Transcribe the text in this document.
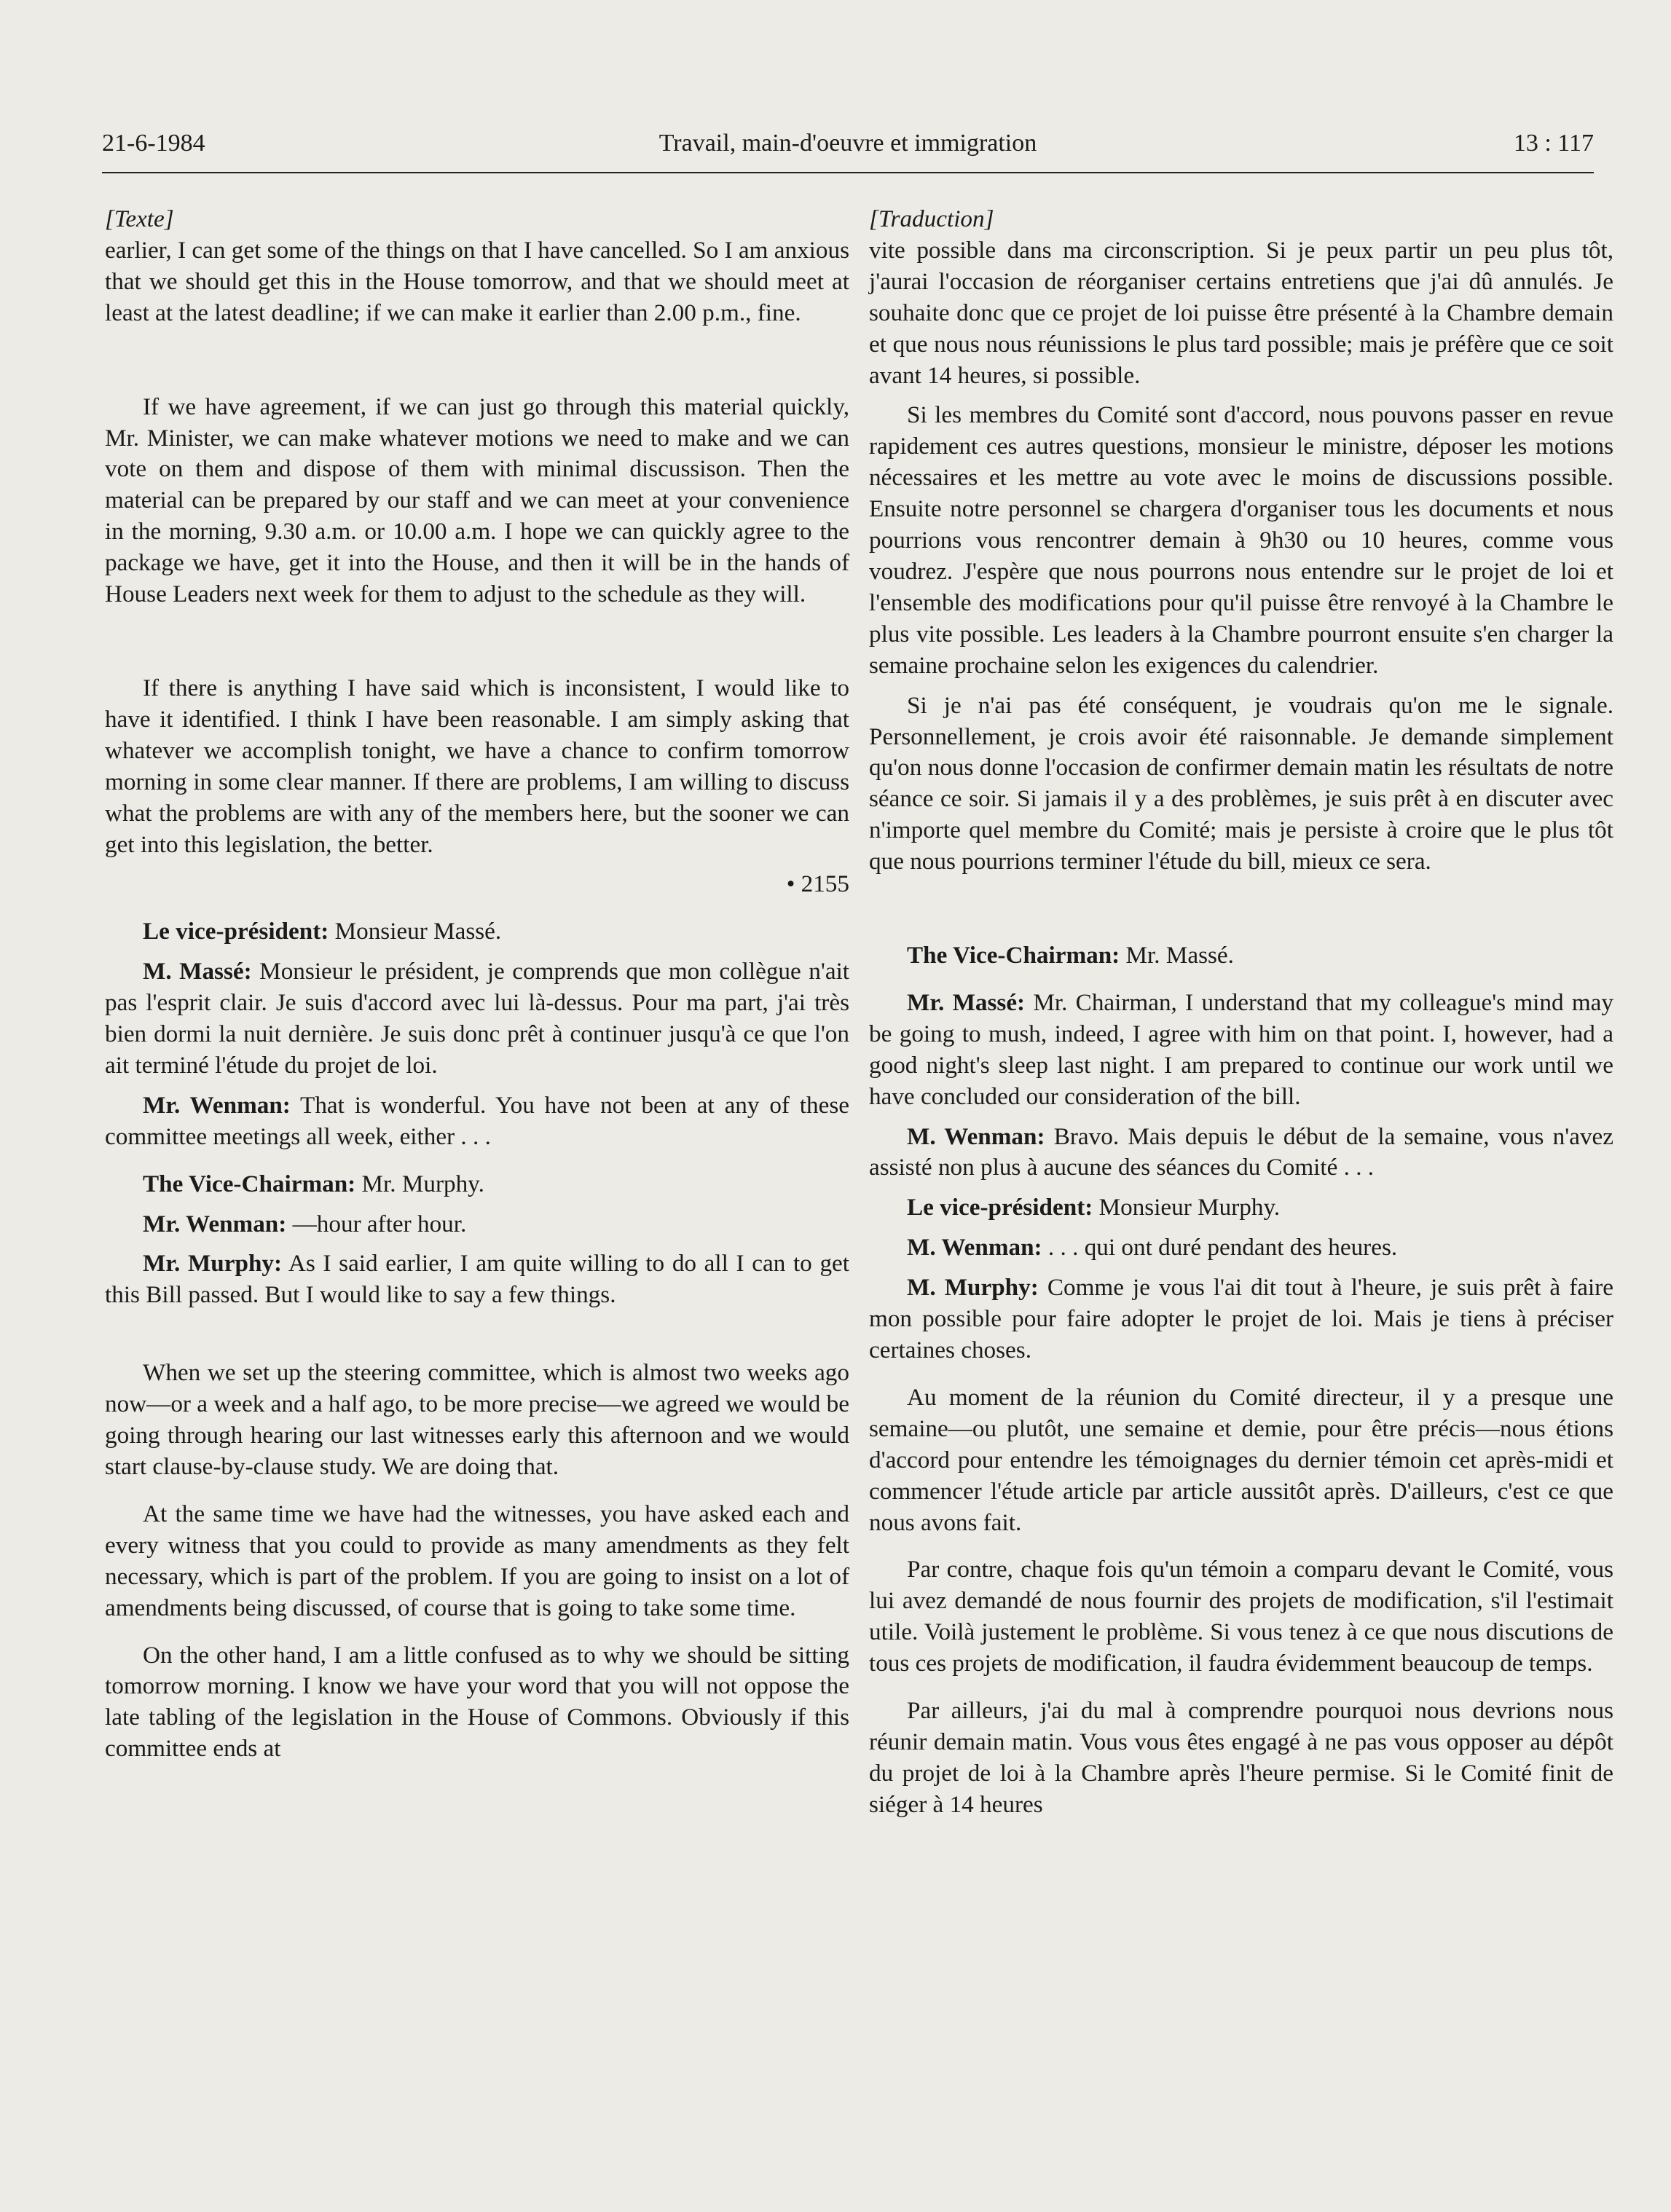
21-6-1984	Travail, main-d'oeuvre et immigration	13 : 117

[Texte]

earlier, I can get some of the things on that I have cancelled. So I am anxious that we should get this in the House tomorrow, and that we should meet at least at the latest deadline; if we can make it earlier than 2.00 p.m., fine.

If we have agreement, if we can just go through this material quickly, Mr. Minister, we can make whatever motions we need to make and we can vote on them and dispose of them with minimal discussison. Then the material can be prepared by our staff and we can meet at your convenience in the morning, 9.30 a.m. or 10.00 a.m. I hope we can quickly agree to the package we have, get it into the House, and then it will be in the hands of House Leaders next week for them to adjust to the schedule as they will.

If there is anything I have said which is inconsistent, I would like to have it identified. I think I have been reasonable. I am simply asking that whatever we accomplish tonight, we have a chance to confirm tomorrow morning in some clear manner. If there are problems, I am willing to discuss what the problems are with any of the members here, but the sooner we can get into this legislation, the better.

• 2155

Le vice-président: Monsieur Massé.

M. Massé: Monsieur le président, je comprends que mon collègue n'ait pas l'esprit clair. Je suis d'accord avec lui là-dessus. Pour ma part, j'ai très bien dormi la nuit dernière. Je suis donc prêt à continuer jusqu'à ce que l'on ait terminé l'étude du projet de loi.

Mr. Wenman: That is wonderful. You have not been at any of these committee meetings all week, either . . .

The Vice-Chairman: Mr. Murphy.

Mr. Wenman: —hour after hour.

Mr. Murphy: As I said earlier, I am quite willing to do all I can to get this Bill passed. But I would like to say a few things.

When we set up the steering committee, which is almost two weeks ago now—or a week and a half ago, to be more precise—we agreed we would be going through hearing our last witnesses early this afternoon and we would start clause-by-clause study. We are doing that.

At the same time we have had the witnesses, you have asked each and every witness that you could to provide as many amendments as they felt necessary, which is part of the problem. If you are going to insist on a lot of amendments being discussed, of course that is going to take some time.

On the other hand, I am a little confused as to why we should be sitting tomorrow morning. I know we have your word that you will not oppose the late tabling of the legislation in the House of Commons. Obviously if this committee ends at

[Traduction]

vite possible dans ma circonscription. Si je peux partir un peu plus tôt, j'aurai l'occasion de réorganiser certains entretiens que j'ai dû annulés. Je souhaite donc que ce projet de loi puisse être présenté à la Chambre demain et que nous nous réunissions le plus tard possible; mais je préfère que ce soit avant 14 heures, si possible.

Si les membres du Comité sont d'accord, nous pouvons passer en revue rapidement ces autres questions, monsieur le ministre, déposer les motions nécessaires et les mettre au vote avec le moins de discussions possible. Ensuite notre personnel se chargera d'organiser tous les documents et nous pourrions vous rencontrer demain à 9h30 ou 10 heures, comme vous voudrez. J'espère que nous pourrons nous entendre sur le projet de loi et l'ensemble des modifications pour qu'il puisse être renvoyé à la Chambre le plus vite possible. Les leaders à la Chambre pourront ensuite s'en charger la semaine prochaine selon les exigences du calendrier.

Si je n'ai pas été conséquent, je voudrais qu'on me le signale. Personnellement, je crois avoir été raisonnable. Je demande simplement qu'on nous donne l'occasion de confirmer demain matin les résultats de notre séance ce soir. Si jamais il y a des problèmes, je suis prêt à en discuter avec n'importe quel membre du Comité; mais je persiste à croire que le plus tôt que nous pourrions terminer l'étude du bill, mieux ce sera.

The Vice-Chairman: Mr. Massé.

Mr. Massé: Mr. Chairman, I understand that my colleague's mind may be going to mush, indeed, I agree with him on that point. I, however, had a good night's sleep last night. I am prepared to continue our work until we have concluded our consideration of the bill.

M. Wenman: Bravo. Mais depuis le début de la semaine, vous n'avez assisté non plus à aucune des séances du Comité . . .

Le vice-président: Monsieur Murphy.

M. Wenman: . . . qui ont duré pendant des heures.

M. Murphy: Comme je vous l'ai dit tout à l'heure, je suis prêt à faire mon possible pour faire adopter le projet de loi. Mais je tiens à préciser certaines choses.

Au moment de la réunion du Comité directeur, il y a presque une semaine—ou plutôt, une semaine et demie, pour être précis—nous étions d'accord pour entendre les témoignages du dernier témoin cet après-midi et commencer l'étude article par article aussitôt après. D'ailleurs, c'est ce que nous avons fait.

Par contre, chaque fois qu'un témoin a comparu devant le Comité, vous lui avez demandé de nous fournir des projets de modification, s'il l'estimait utile. Voilà justement le problème. Si vous tenez à ce que nous discutions de tous ces projets de modification, il faudra évidemment beaucoup de temps.

Par ailleurs, j'ai du mal à comprendre pourquoi nous devrions nous réunir demain matin. Vous vous êtes engagé à ne pas vous opposer au dépôt du projet de loi à la Chambre après l'heure permise. Si le Comité finit de siéger à 14 heures
